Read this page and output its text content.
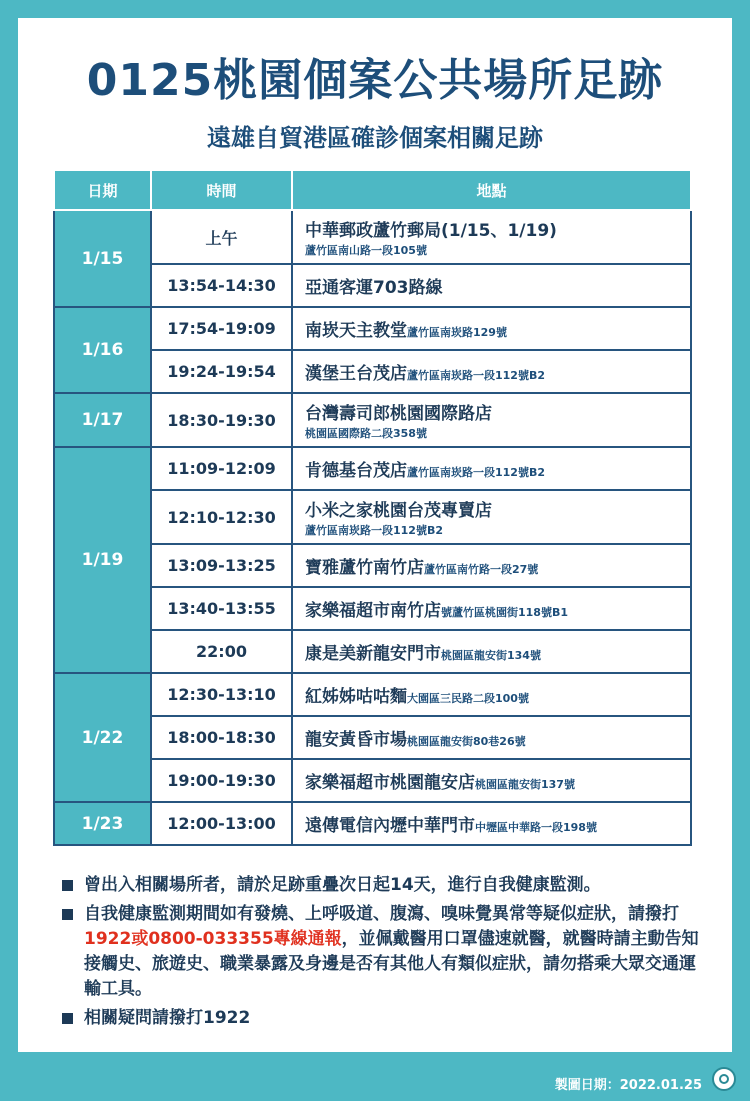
0125桃園個案公共場所足跡
遠雄自貿港區確診個案相關足跡
日期	時間	地點
1/15	上午	中華郵政蘆竹郵局(1/15、1/19)
蘆竹區南山路一段105號

	13:54-14:30	亞通客運703路線
1/16	17:54-19:09	南崁天主教堂蘆竹區南崁路129號
	19:24-19:54	漢堡王台茂店蘆竹區南崁路一段112號B2
1/17	18:30-19:30	台灣壽司郎桃園國際路店
桃園區國際路二段358號

1/19	11:09-12:09	肯德基台茂店蘆竹區南崁路一段112號B2
	12:10-12:30	小米之家桃園台茂專賣店
蘆竹區南崁路一段112號B2

	13:09-13:25	寶雅蘆竹南竹店蘆竹區南竹路一段27號
	13:40-13:55	家樂福超市南竹店號蘆竹區桃園街118號B1
	22:00	康是美新龍安門市桃園區龍安街134號
1/22	12:30-13:10	紅姊姊咕咕麵大園區三民路二段100號
	18:00-18:30	龍安黃昏市場桃園區龍安街80巷26號
	19:00-19:30	家樂福超市桃園龍安店桃園區龍安街137號
1/23	12:00-13:00	遠傳電信內壢中華門市中壢區中華路一段198號
曾出入相關場所者，請於足跡重疊次日起14天，進行自我健康監測。
自我健康監測期間如有發燒、上呼吸道、腹瀉、嗅味覺異常等疑似症狀，請撥打1922或0800-033355專線通報，並佩戴醫用口罩儘速就醫，就醫時請主動告知接觸史、旅遊史、職業暴露及身邊是否有其他人有類似症狀，請勿搭乘大眾交通運輸工具。
相關疑問請撥打1922
製圖日期：2022.01.25
